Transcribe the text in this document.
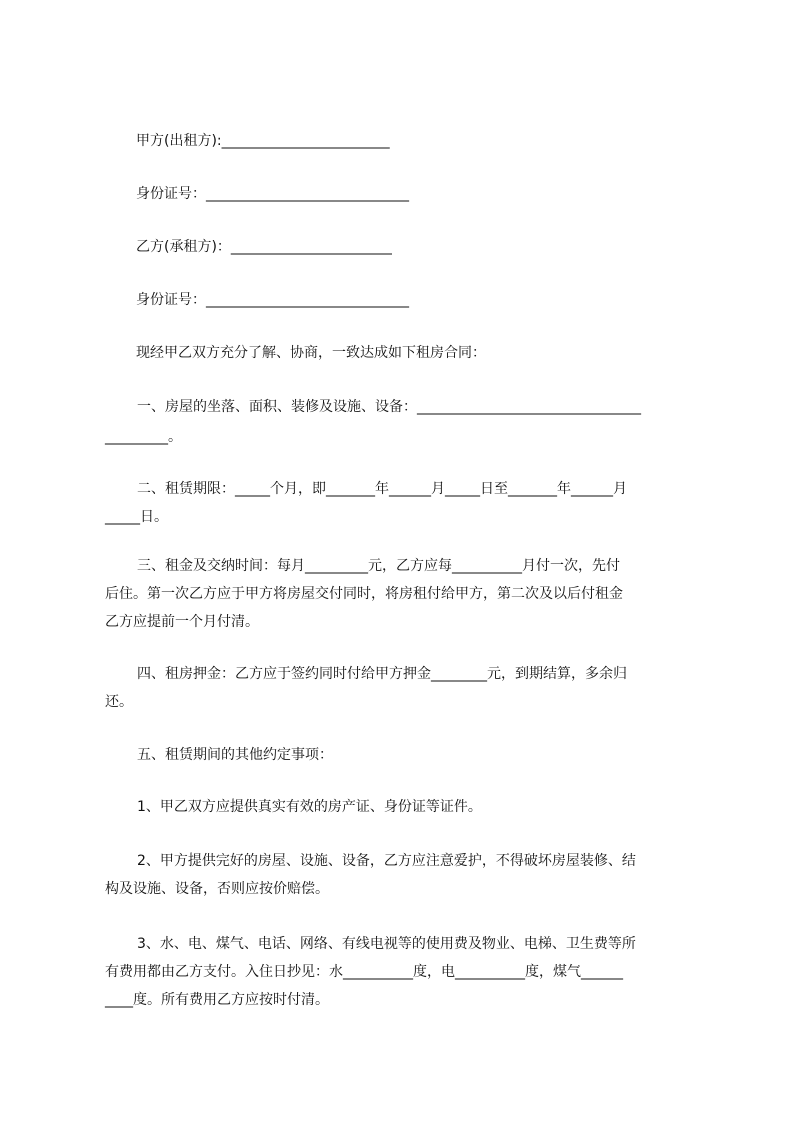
甲方(出租方):________________________

身份证号：_____________________________

乙方(承租方)：_______________________

身份证号：_____________________________

现经甲乙双方充分了解、协商，一致达成如下租房合同：

一、房屋的坐落、面积、装修及设施、设备：________________________________

_________。

二、租赁期限：_____个月，即_______年______月_____日至_______年______月

_____日。

三、租金及交纳时间：每月_________元，乙方应每__________月付一次，先付

后住。第一次乙方应于甲方将房屋交付同时，将房租付给甲方，第二次及以后付租金

乙方应提前一个月付清。

四、租房押金：乙方应于签约同时付给甲方押金________元，到期结算，多余归

还。

五、租赁期间的其他约定事项：

1、甲乙双方应提供真实有效的房产证、身份证等证件。

2、甲方提供完好的房屋、设施、设备，乙方应注意爱护，不得破坏房屋装修、结

构及设施、设备，否则应按价赔偿。

3、水、电、煤气、电话、网络、有线电视等的使用费及物业、电梯、卫生费等所

有费用都由乙方支付。入住日抄见：水__________度，电__________度，煤气______

____度。所有费用乙方应按时付清。
